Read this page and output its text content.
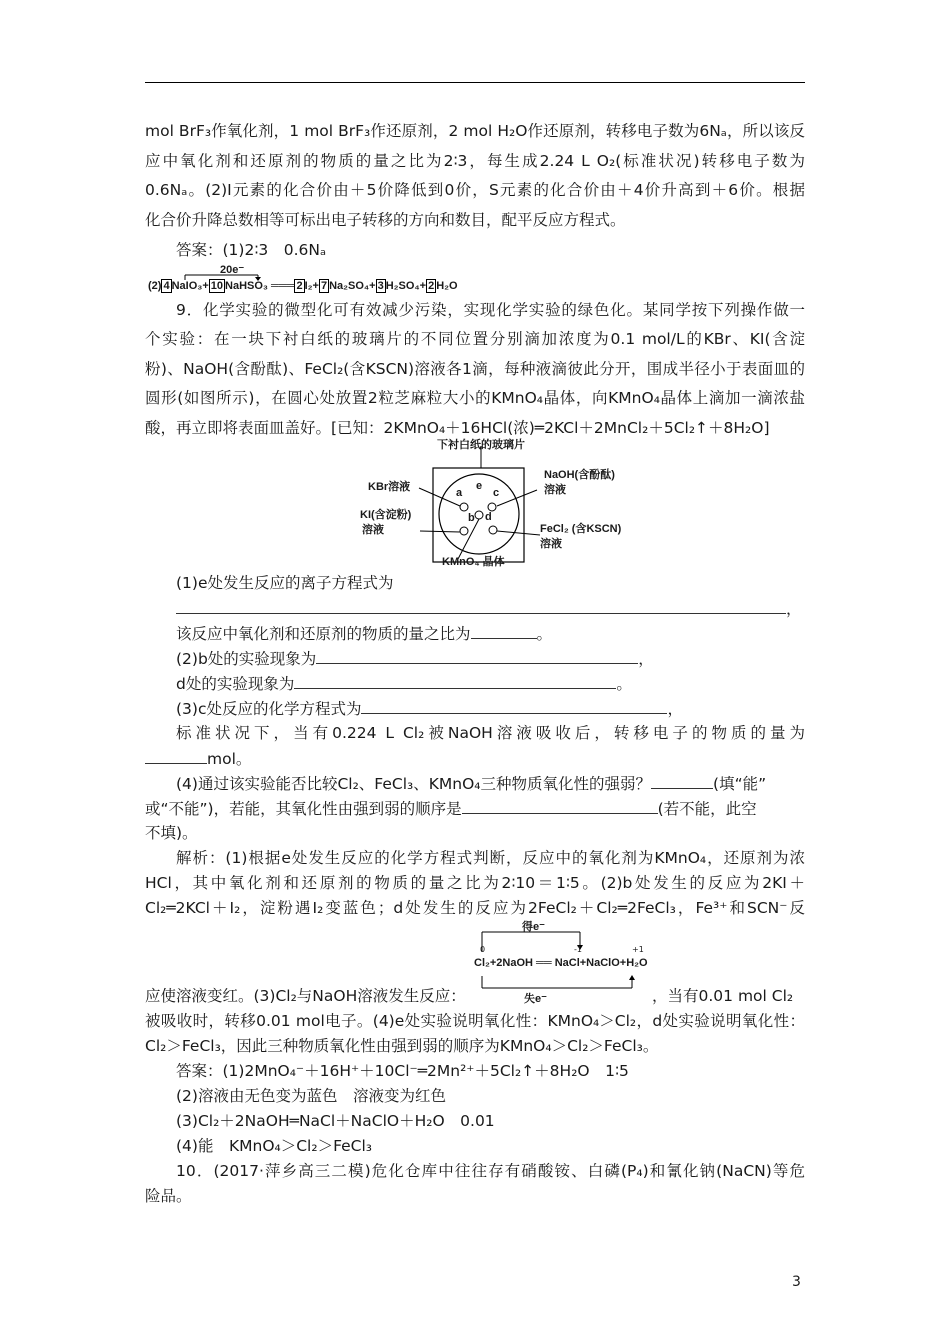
mol BrF₃作氧化剂，1 mol BrF₃作还原剂，2 mol H₂O作还原剂，转移电子数为6Nₐ，所以该反
应中氧化剂和还原剂的物质的量之比为2∶3，每生成2.24 L O₂(标准状况)转移电子数为
0.6Nₐ。(2)I元素的化合价由＋5价降低到0价，S元素的化合价由＋4价升高到＋6价。根据
化合价升降总数相等可标出电子转移的方向和数目，配平反应方程式。
答案：(1)2∶3　0.6Nₐ
20e⁻
(2) 4 NaIO₃+ 10 NaHSO₃ ═══ 2 I₂+ 7 Na₂SO₄+ 3 H₂SO₄+ 2 H₂O
9．化学实验的微型化可有效减少污染，实现化学实验的绿色化。某同学按下列操作做一
个实验：在一块下衬白纸的玻璃片的不同位置分别滴加浓度为0.1 mol/L的KBr、KI(含淀
粉)、NaOH(含酚酞)、FeCl₂(含KSCN)溶液各1滴，每种液滴彼此分开，围成半径小于表面皿的
圆形(如图所示)，在圆心处放置2粒芝麻粒大小的KMnO₄晶体，向KMnO₄晶体上滴加一滴浓盐
酸，再立即将表面皿盖好。[已知：2KMnO₄＋16HCl(浓)═2KCl＋2MnCl₂＋5Cl₂↑＋8H₂O]
下衬白纸的玻璃片
KBr溶液
NaOH(含酚酞)
溶液
KI(含淀粉)
溶液	FeCl₂ (含KSCN)
溶液
KMnO₄ 晶体
a
e
c
b d
(1)e处发生反应的离子方程式为
，
该反应中氧化剂和还原剂的物质的量之比为	。
(2)b处的实验现象为	，
d处的实验现象为	。
(3)c处反应的化学方程式为	，
标准状况下，当有0.224 L Cl₂被NaOH溶液吸收后，转移电子的物质的量为
mol。
(4)通过该实验能否比较Cl₂、FeCl₃、KMnO₄三种物质氧化性的强弱？	(填“能”
或“不能”)，若能，其氧化性由强到弱的顺序是	(若不能，此空
不填)。
解析：(1)根据e处发生反应的化学方程式判断，反应中的氧化剂为KMnO₄，还原剂为浓
HCl，其中氧化剂和还原剂的物质的量之比为2∶10＝1∶5。(2)b处发生的反应为2KI＋
Cl₂═2KCl＋I₂，淀粉遇I₂变蓝色；d处发生的反应为2FeCl₂＋Cl₂═2FeCl₃，Fe³⁺和SCN⁻反
得e⁻
0	-1	+1
Cl₂+2NaOH ══ NaCl+NaClO+H₂O
失e⁻
应使溶液变红。(3)Cl₂与NaOH溶液发生反应：	，当有0.01 mol Cl₂
被吸收时，转移0.01 mol电子。(4)e处实验说明氧化性：KMnO₄＞Cl₂，d处实验说明氧化性：
Cl₂＞FeCl₃，因此三种物质氧化性由强到弱的顺序为KMnO₄＞Cl₂＞FeCl₃。
答案：(1)2MnO₄⁻＋16H⁺＋10Cl⁻═2Mn²⁺＋5Cl₂↑＋8H₂O　1∶5
(2)溶液由无色变为蓝色　溶液变为红色
(3)Cl₂＋2NaOH═NaCl＋NaClO＋H₂O　0.01
(4)能　KMnO₄＞Cl₂＞FeCl₃
10．(2017·萍乡高三二模)危化仓库中往往存有硝酸铵、白磷(P₄)和氰化钠(NaCN)等危
险品。
3
